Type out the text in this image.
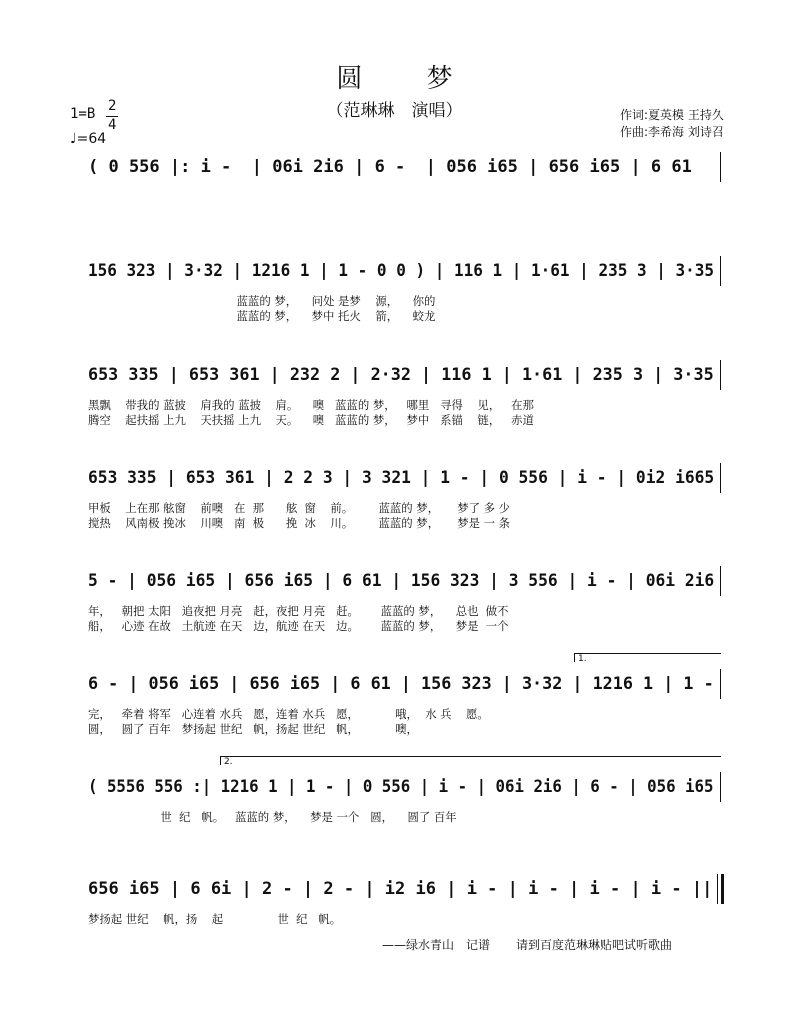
圆 梦
（范琳琳　演唱）
1=B 2
4
♩=64
作词:夏英模 王持久
作曲:李希海 刘诗召
( 0 556 |: i -  | 06i 2i6 | 6 -  | 056 i65 | 656 i65 | 6 61
156 323 | 3·32 | 1216 1 | 1 - 0 0 ) | 116 1 | 1·61 | 235 3 | 3·35
蓝蓝的 梦，    问处 是梦    源，    你的
蓝蓝的 梦，    梦中 托火    箭，    蛟龙
653 335 | 653 361 | 232 2 | 2·32 | 116 1 | 1·61 | 235 3 | 3·35
黑飘    带我的 蓝披    肩我的 蓝披    肩。    噢   蓝蓝的 梦，   哪里   寻得    见，   在那
腾空    起扶摇 上九    天扶摇 上九    天。    噢   蓝蓝的 梦，   梦中   系锚    链，   赤道
653 335 | 653 361 | 2 2 3 | 3 321 | 1 - | 0 556 | i - | 0i2 i665
甲板    上在那 舷窗    前噢   在  那      舷  窗    前。       蓝蓝的 梦，     梦了 多 少
搅热    风南极 挽冰    川噢   南  极      挽  冰    川。       蓝蓝的 梦，     梦是 一 条
5 - | 056 i65 | 656 i65 | 6 61 | 156 323 | 3 556 | i - | 06i 2i6
年，   朝把 太阳   追夜把 月亮   赶，夜把 月亮   赶。      蓝蓝的 梦，    总也  做不
船，   心迹 在故   土航迹 在天   边，航迹 在天   边。      蓝蓝的 梦，    梦是  一个
1.
6 - | 056 i65 | 656 i65 | 6 61 | 156 323 | 3·32 | 1216 1 | 1 -
完，   牵着 将军   心连着 水兵   愿，连着 水兵   愿，          哦，  水 兵    愿。
圆，   圆了 百年   梦扬起 世纪   帆，扬起 世纪   帆，          噢，
2.
( 5556 556 :| 1216 1 | 1 - | 0 556 | i - | 06i 2i6 | 6 - | 056 i65
世  纪   帆。   蓝蓝的 梦，    梦是 一个   圆，    圆了 百年
656 i65 | 6 6i | 2 - | 2 - | i2 i6 | i - | i - | i - | i - ||
梦扬起 世纪    帆，扬    起               世  纪   帆。
——绿水青山　记谱 请到百度范琳琳贴吧试听歌曲
